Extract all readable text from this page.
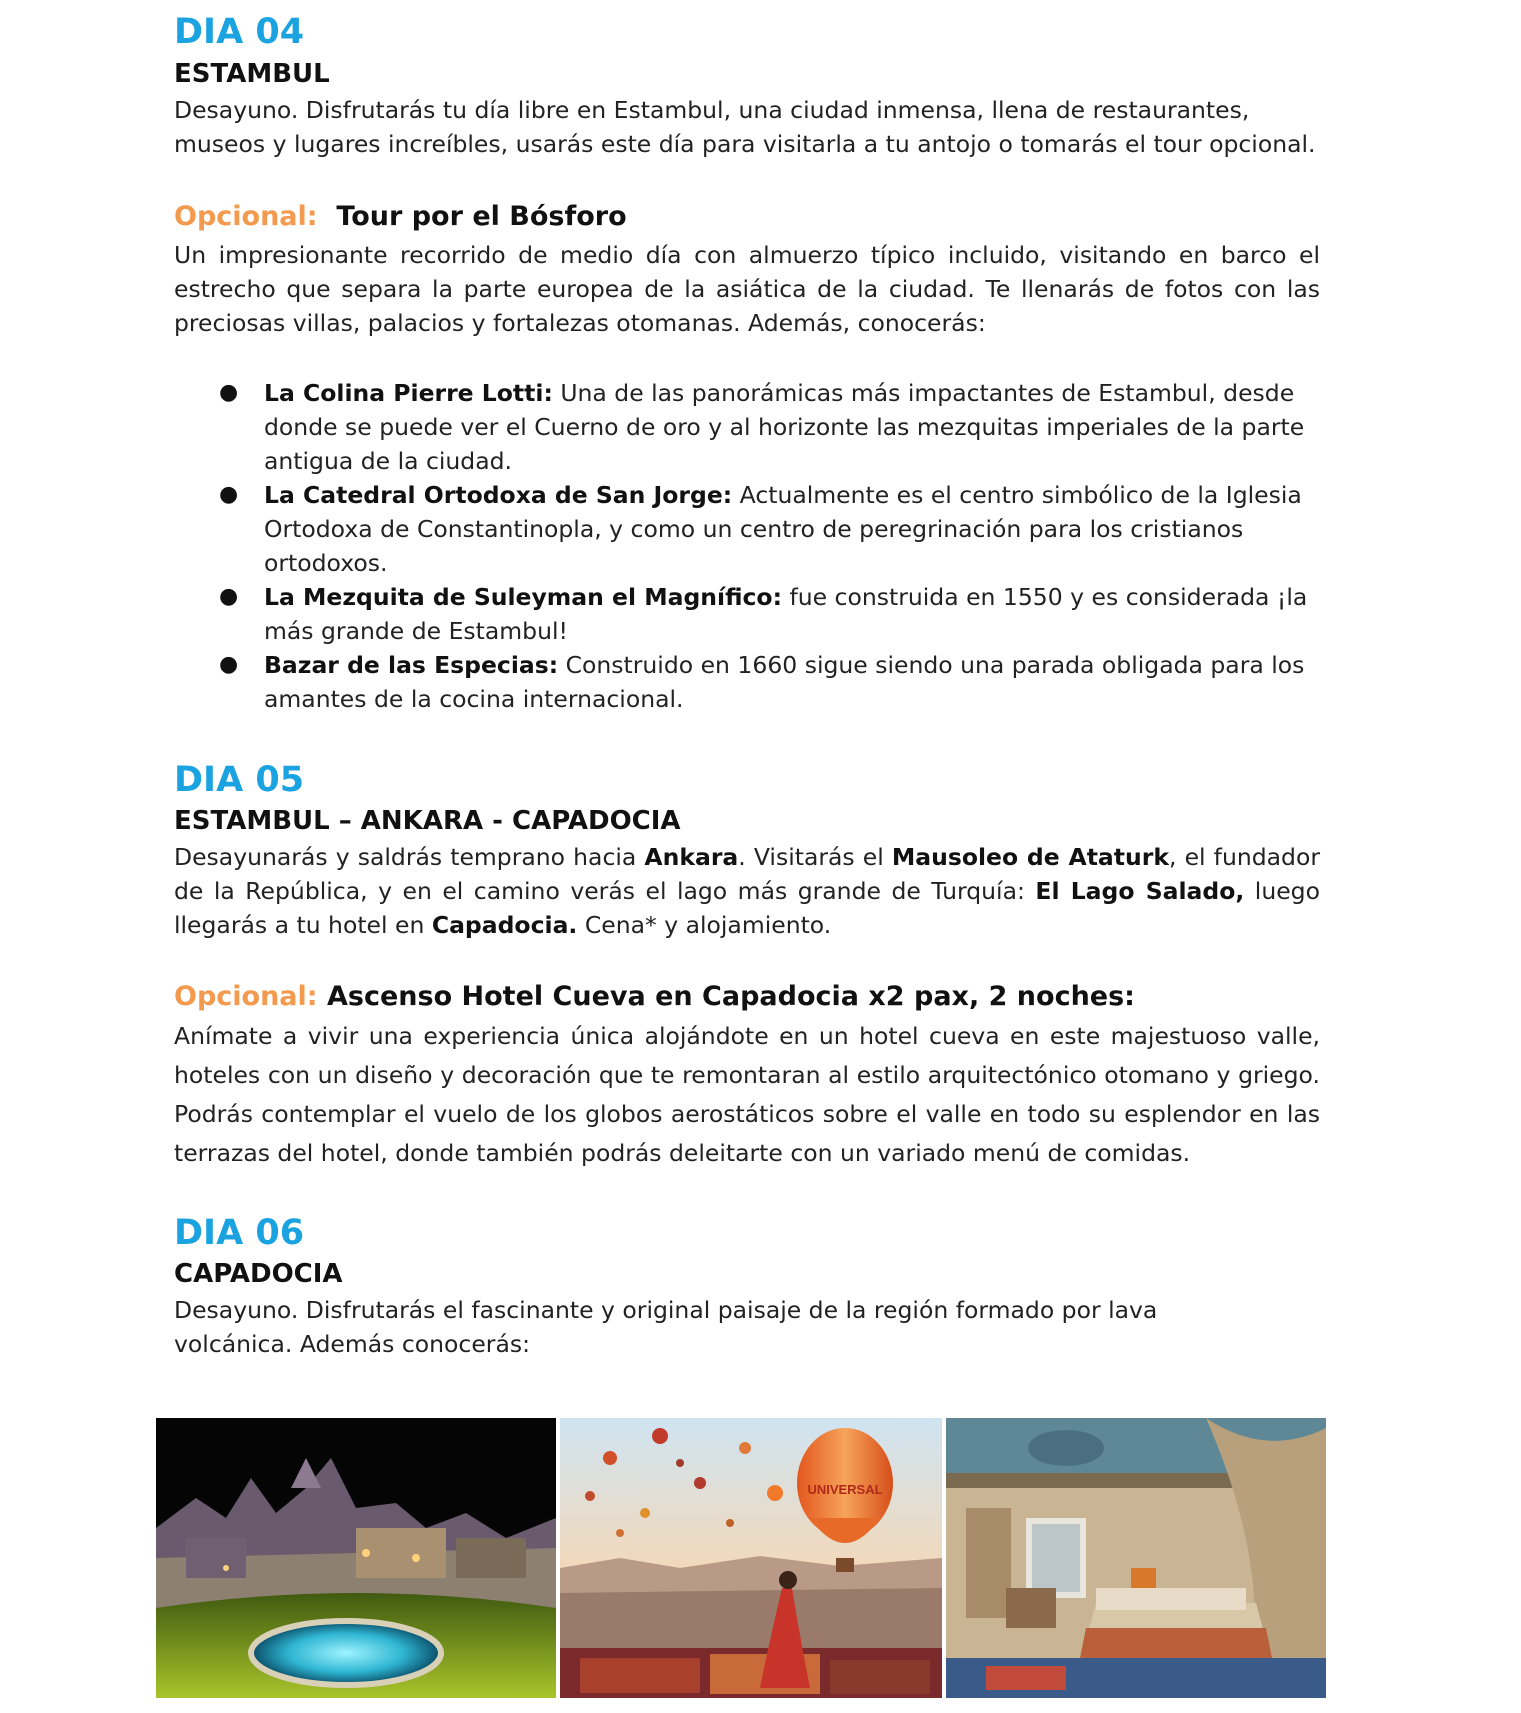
DIA 04
ESTAMBUL

Desayuno. Disfrutarás tu día libre en Estambul, una ciudad inmensa, llena de restaurantes, museos y lugares increíbles, usarás este día para visitarla a tu antojo o tomarás el tour opcional.

Opcional: Tour por el Bósforo

Un impresionante recorrido de medio día con almuerzo típico incluido, visitando en barco el estrecho que separa la parte europea de la asiática de la ciudad. Te llenarás de fotos con las preciosas villas, palacios y fortalezas otomanas. Además, conocerás:

● La Colina Pierre Lotti: Una de las panorámicas más impactantes de Estambul, desde donde se puede ver el Cuerno de oro y al horizonte las mezquitas imperiales de la parte antigua de la ciudad.
● La Catedral Ortodoxa de San Jorge: Actualmente es el centro simbólico de la Iglesia Ortodoxa de Constantinopla, y como un centro de peregrinación para los cristianos ortodoxos.
● La Mezquita de Suleyman el Magnífico: fue construida en 1550 y es considerada ¡la más grande de Estambul!
● Bazar de las Especias: Construido en 1660 sigue siendo una parada obligada para los amantes de la cocina internacional.
DIA 05
ESTAMBUL – ANKARA - CAPADOCIA

Desayunarás y saldrás temprano hacia Ankara. Visitarás el Mausoleo de Ataturk, el fundador de la República, y en el camino verás el lago más grande de Turquía: El Lago Salado, luego llegarás a tu hotel en Capadocia. Cena* y alojamiento.

Opcional: Ascenso Hotel Cueva en Capadocia x2 pax, 2 noches:

Anímate a vivir una experiencia única alojándote en un hotel cueva en este majestuoso valle, hoteles con un diseño y decoración que te remontaran al estilo arquitectónico otomano y griego. Podrás contemplar el vuelo de los globos aerostáticos sobre el valle en todo su esplendor en las terrazas del hotel, donde también podrás deleitarte con un variado menú de comidas.

DIA 06
CAPADOCIA

Desayuno. Disfrutarás el fascinante y original paisaje de la región formado por lava

volcánica. Además conocerás:

UNIVERSAL
